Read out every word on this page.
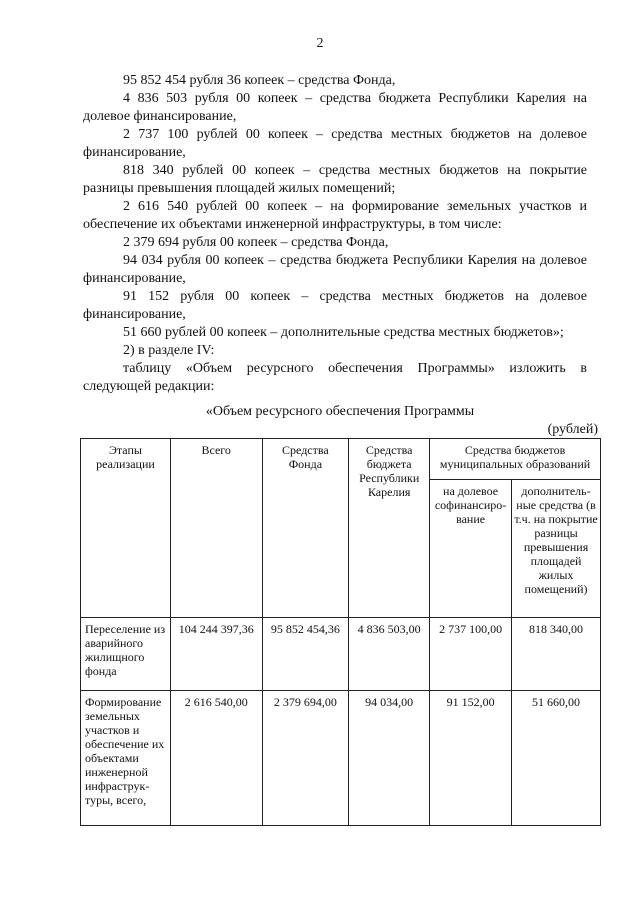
2

95 852 454 рубля 36 копеек – средства Фонда,

4 836 503 рубля 00 копеек – средства бюджета Республики Карелия на долевое финансирование,

2 737 100 рублей 00 копеек – средства местных бюджетов на долевое финансирование,

818 340 рублей 00 копеек – средства местных бюджетов на покрытие разницы превышения площадей жилых помещений;

2 616 540 рублей 00 копеек – на формирование земельных участков и обеспечение их объектами инженерной инфраструктуры, в том числе:

2 379 694 рубля 00 копеек – средства Фонда,

94 034 рубля 00 копеек – средства бюджета Республики Карелия на долевое финансирование,

91 152 рубля 00 копеек – средства местных бюджетов на долевое финансирование,

51 660 рублей 00 копеек – дополнительные средства местных бюджетов»;

2) в разделе IV:

таблицу «Объем ресурсного обеспечения Программы» изложить в следующей редакции:

«Объем ресурсного обеспечения Программы
(рублей)
Этапы реализации	Всего	Средства Фонда	Средства бюджета Республики Карелия	Средства бюджетов муниципальных образований	
				на долевое софинансиро-вание	дополнитель-ные средства (в т.ч. на покрытие разницы превышения площадей жилых помещений)
Переселение из аварийного жилищного фонда	104 244 397,36	95 852 454,36	4 836 503,00	2 737 100,00	818 340,00
Формирование земельных участков и обеспечение их объектами инженерной инфраструк-туры, всего,	2 616 540,00	2 379 694,00	94 034,00	91 152,00	51 660,00
